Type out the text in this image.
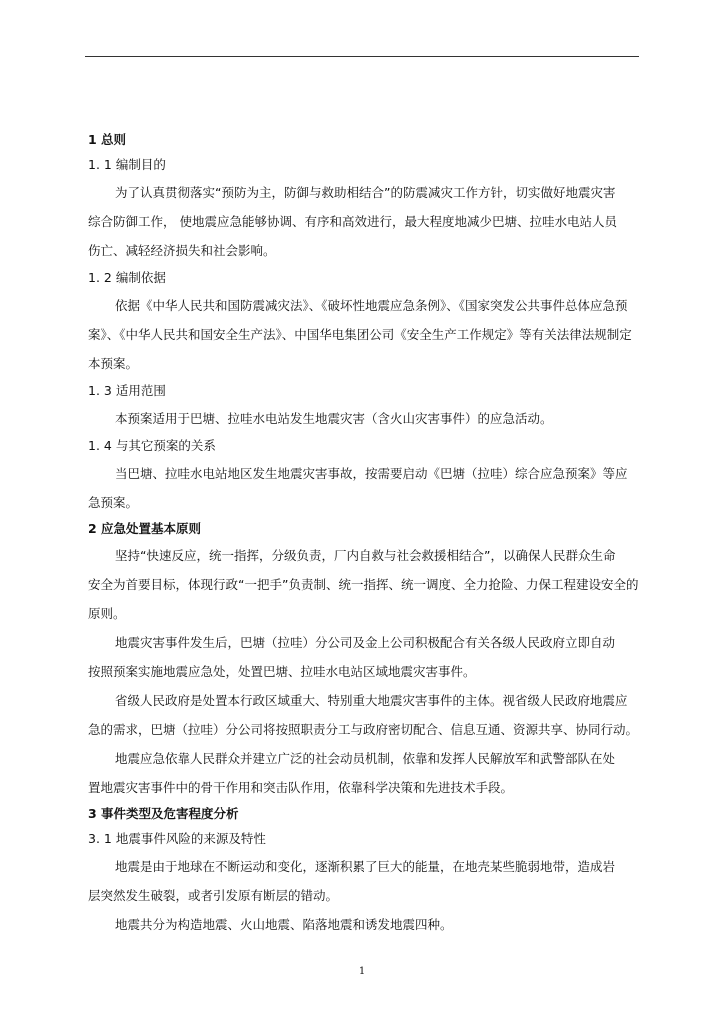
1 总则
1. 1 编制目的
为了认真贯彻落实“预防为主，防御与救助相结合”的防震减灾工作方针，切实做好地震灾害
综合防御工作， 使地震应急能够协调、有序和高效进行，最大程度地减少巴塘、拉哇水电站人员
伤亡、减轻经济损失和社会影响。
1. 2 编制依据
依据《中华人民共和国防震减灾法》、《破坏性地震应急条例》、《国家突发公共事件总体应急预
案》、《中华人民共和国安全生产法》、中国华电集团公司《安全生产工作规定》等有关法律法规制定
本预案。
1. 3 适用范围
本预案适用于巴塘、拉哇水电站发生地震灾害（含火山灾害事件）的应急活动。
1. 4 与其它预案的关系
当巴塘、拉哇水电站地区发生地震灾害事故，按需要启动《巴塘（拉哇）综合应急预案》等应
急预案。
2 应急处置基本原则
坚持“快速反应，统一指挥，分级负责，厂内自救与社会救援相结合”，以确保人民群众生命
安全为首要目标，体现行政“一把手”负责制、统一指挥、统一调度、全力抢险、力保工程建设安全的
原则。
地震灾害事件发生后，巴塘（拉哇）分公司及金上公司积极配合有关各级人民政府立即自动
按照预案实施地震应急处，处置巴塘、拉哇水电站区域地震灾害事件。
省级人民政府是处置本行政区域重大、特别重大地震灾害事件的主体。视省级人民政府地震应
急的需求，巴塘（拉哇）分公司将按照职责分工与政府密切配合、信息互通、资源共享、协同行动。
地震应急依靠人民群众并建立广泛的社会动员机制，依靠和发挥人民解放军和武警部队在处
置地震灾害事件中的骨干作用和突击队作用，依靠科学决策和先进技术手段。
3 事件类型及危害程度分析
3. 1 地震事件风险的来源及特性
地震是由于地球在不断运动和变化，逐渐积累了巨大的能量，在地壳某些脆弱地带，造成岩
层突然发生破裂，或者引发原有断层的错动。
地震共分为构造地震、火山地震、陷落地震和诱发地震四种。
1
